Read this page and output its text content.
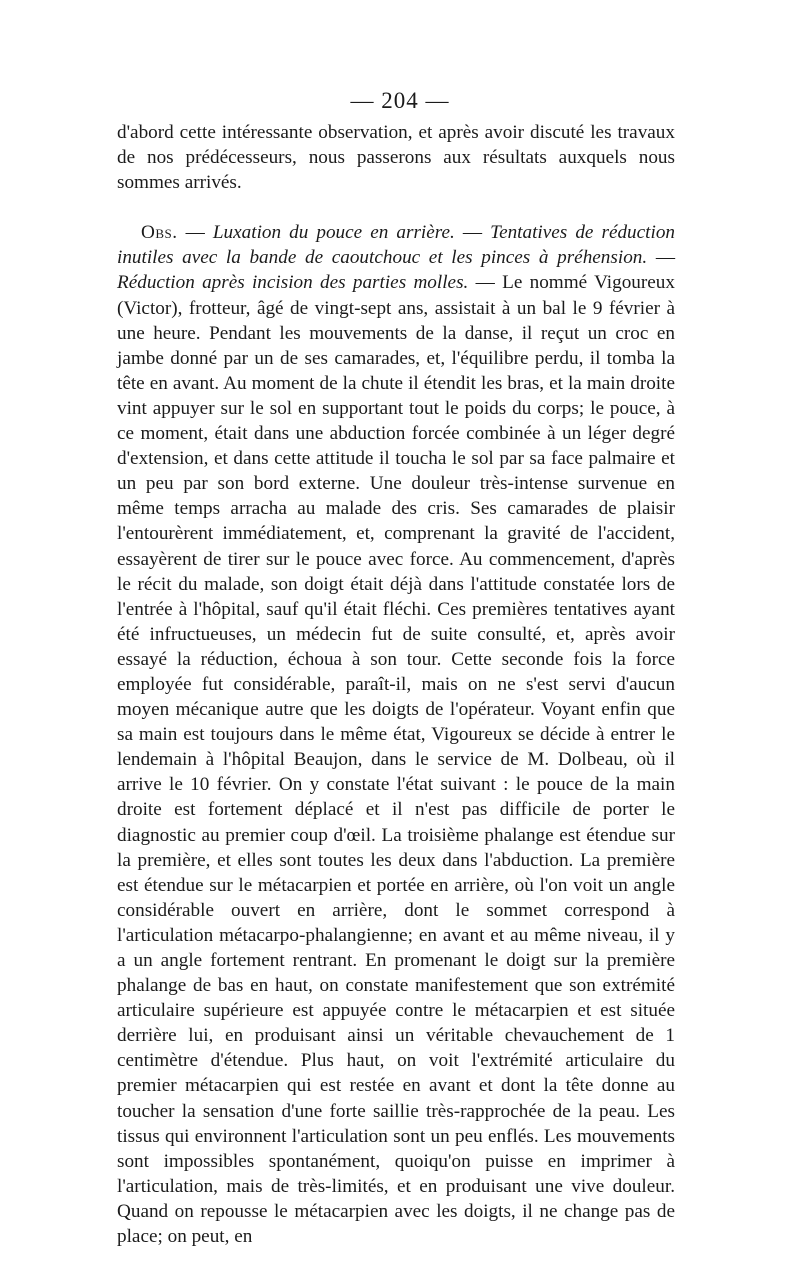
— 204 —

d'abord cette intéressante observation, et après avoir discuté les travaux de nos prédécesseurs, nous passerons aux résultats auxquels nous sommes arrivés.

Obs. — Luxation du pouce en arrière. — Tentatives de réduction inutiles avec la bande de caoutchouc et les pinces à préhension. — Réduction après incision des parties molles. — Le nommé Vigoureux (Victor), frotteur, âgé de vingt-sept ans, assistait à un bal le 9 février à une heure. Pendant les mouvements de la danse, il reçut un croc en jambe donné par un de ses camarades, et, l'équilibre perdu, il tomba la tête en avant. Au moment de la chute il étendit les bras, et la main droite vint appuyer sur le sol en supportant tout le poids du corps; le pouce, à ce moment, était dans une abduction forcée combinée à un léger degré d'extension, et dans cette attitude il toucha le sol par sa face palmaire et un peu par son bord externe. Une douleur très-intense survenue en même temps arracha au malade des cris. Ses camarades de plaisir l'entourèrent immédiatement, et, comprenant la gravité de l'accident, essayèrent de tirer sur le pouce avec force. Au commencement, d'après le récit du malade, son doigt était déjà dans l'attitude constatée lors de l'entrée à l'hôpital, sauf qu'il était fléchi. Ces premières tentatives ayant été infructueuses, un médecin fut de suite consulté, et, après avoir essayé la réduction, échoua à son tour. Cette seconde fois la force employée fut considérable, paraît-il, mais on ne s'est servi d'aucun moyen mécanique autre que les doigts de l'opérateur. Voyant enfin que sa main est toujours dans le même état, Vigoureux se décide à entrer le lendemain à l'hôpital Beaujon, dans le service de M. Dolbeau, où il arrive le 10 février. On y constate l'état suivant : le pouce de la main droite est fortement déplacé et il n'est pas difficile de porter le diagnostic au premier coup d'œil. La troisième phalange est étendue sur la première, et elles sont toutes les deux dans l'abduction. La première est étendue sur le métacarpien et portée en arrière, où l'on voit un angle considérable ouvert en arrière, dont le sommet correspond à l'articulation métacarpo-phalangienne; en avant et au même niveau, il y a un angle fortement rentrant. En promenant le doigt sur la première phalange de bas en haut, on constate manifestement que son extrémité articulaire supérieure est appuyée contre le métacarpien et est située derrière lui, en produisant ainsi un véritable chevauchement de 1 centimètre d'étendue. Plus haut, on voit l'extrémité articulaire du premier métacarpien qui est restée en avant et dont la tête donne au toucher la sensation d'une forte saillie très-rapprochée de la peau. Les tissus qui environnent l'articulation sont un peu enflés. Les mouvements sont impossibles spontanément, quoiqu'on puisse en imprimer à l'articulation, mais de très-limités, et en produisant une vive douleur. Quand on repousse le métacarpien avec les doigts, il ne change pas de place; on peut, en
